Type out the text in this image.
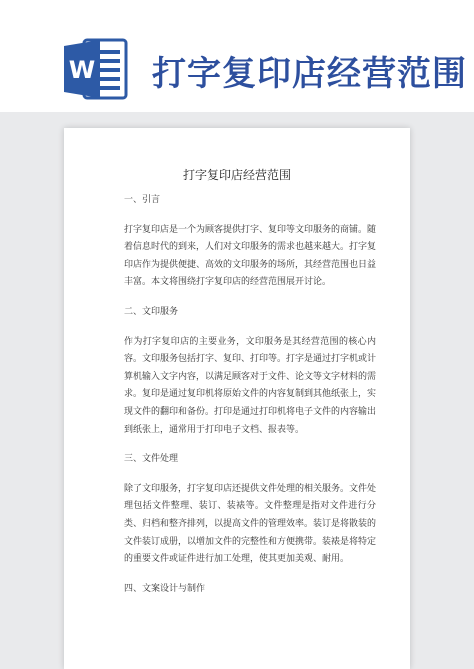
W 打字复印店经营范围
打字复印店经营范围
一、引言
打字复印店是一个为顾客提供打字、复印等文印服务的商铺。随着信息时代的到来，人们对文印服务的需求也越来越大。打字复印店作为提供便捷、高效的文印服务的场所，其经营范围也日益丰富。本文将围绕打字复印店的经营范围展开讨论。
二、文印服务
作为打字复印店的主要业务，文印服务是其经营范围的核心内容。文印服务包括打字、复印、打印等。打字是通过打字机或计算机输入文字内容，以满足顾客对于文件、论文等文字材料的需求。复印是通过复印机将原始文件的内容复制到其他纸张上，实现文件的翻印和备份。打印是通过打印机将电子文件的内容输出到纸张上，通常用于打印电子文档、报表等。
三、文件处理
除了文印服务，打字复印店还提供文件处理的相关服务。文件处理包括文件整理、装订、装裱等。文件整理是指对文件进行分类、归档和整齐排列，以提高文件的管理效率。装订是将散装的文件装订成册，以增加文件的完整性和方便携带。装裱是将特定的重要文件或证件进行加工处理，使其更加美观、耐用。
四、文案设计与制作
